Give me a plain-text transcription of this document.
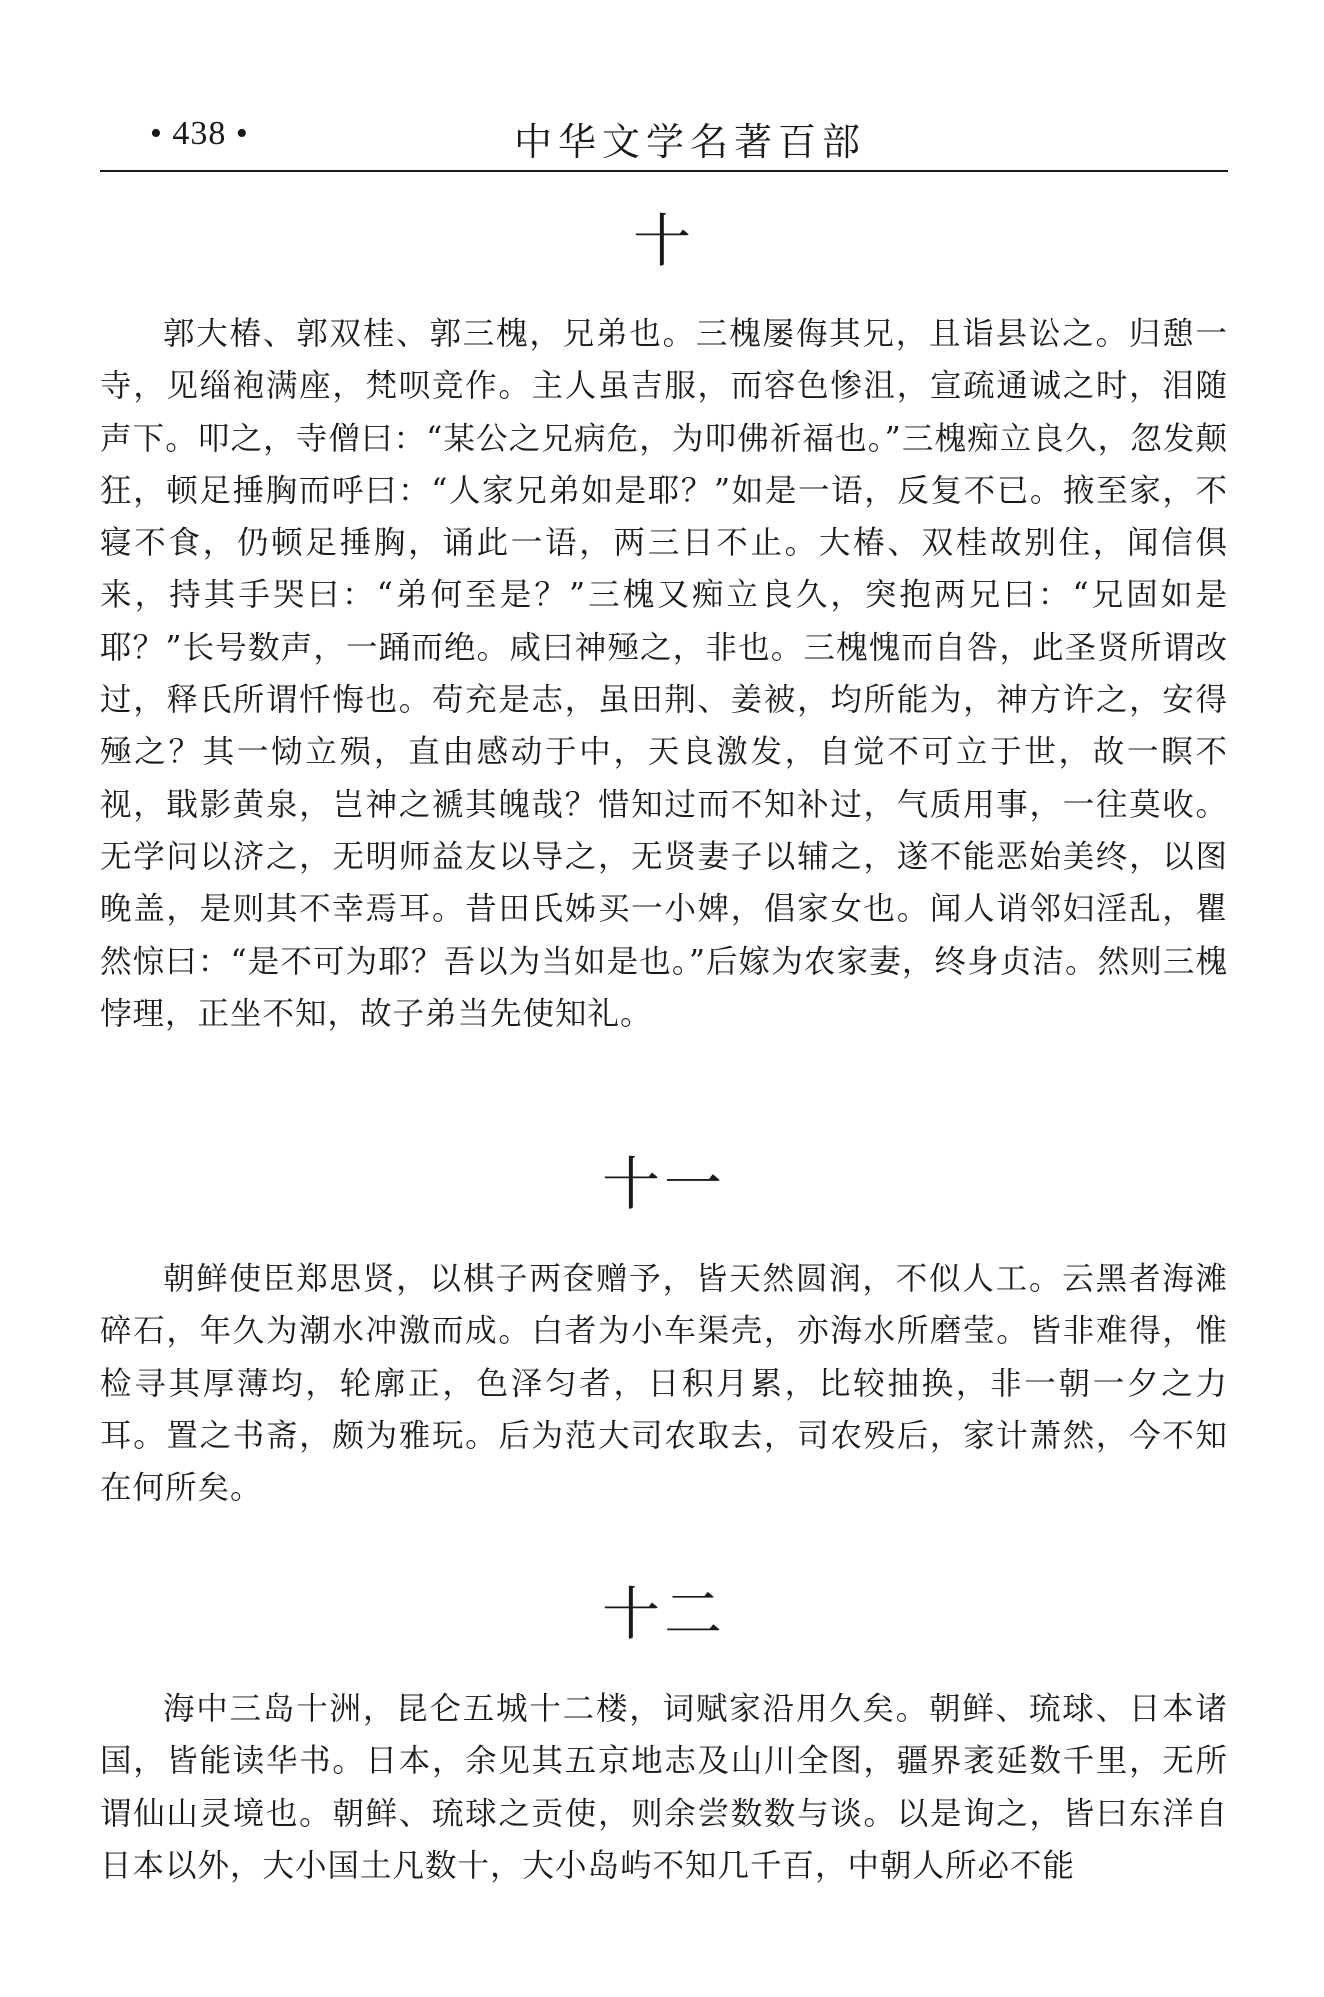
• 438 •	中华文学名著百部
十

郭大椿、郭双桂、郭三槐，兄弟也。三槐屡侮其兄，且诣县讼之。归憩一寺，见缁袍满座，梵呗竞作。主人虽吉服，而容色惨沮，宣疏通诚之时，泪随声下。叩之，寺僧曰：“某公之兄病危，为叩佛祈福也。”三槐痴立良久，忽发颠狂，顿足捶胸而呼曰：“人家兄弟如是耶？”如是一语，反复不已。掖至家，不寝不食，仍顿足捶胸，诵此一语，两三日不止。大椿、双桂故别住，闻信俱来，持其手哭曰：“弟何至是？”三槐又痴立良久，突抱两兄曰：“兄固如是耶？”长号数声，一踊而绝。咸曰神殛之，非也。三槐愧而自咎，此圣贤所谓改过，释氏所谓忏悔也。苟充是志，虽田荆、姜被，均所能为，神方许之，安得殛之？其一恸立殒，直由感动于中，天良激发，自觉不可立于世，故一瞑不视，戢影黄泉，岂神之褫其魄哉？惜知过而不知补过，气质用事，一往莫收。无学问以济之，无明师益友以导之，无贤妻子以辅之，遂不能恶始美终，以图晚盖，是则其不幸焉耳。昔田氏姊买一小婢，倡家女也。闻人诮邻妇淫乱，瞿然惊曰：“是不可为耶？吾以为当如是也。”后嫁为农家妻，终身贞洁。然则三槐悖理，正坐不知，故子弟当先使知礼。

十一

朝鲜使臣郑思贤，以棋子两奁赠予，皆天然圆润，不似人工。云黑者海滩碎石，年久为潮水冲激而成。白者为小车渠壳，亦海水所磨莹。皆非难得，惟检寻其厚薄均，轮廓正，色泽匀者，日积月累，比较抽换，非一朝一夕之力耳。置之书斋，颇为雅玩。后为范大司农取去，司农殁后，家计萧然，今不知在何所矣。

十二

海中三岛十洲，昆仑五城十二楼，词赋家沿用久矣。朝鲜、琉球、日本诸国，皆能读华书。日本，余见其五京地志及山川全图，疆界袤延数千里，无所谓仙山灵境也。朝鲜、琉球之贡使，则余尝数数与谈。以是询之，皆曰东洋自日本以外，大小国土凡数十，大小岛屿不知几千百，中朝人所必不能
